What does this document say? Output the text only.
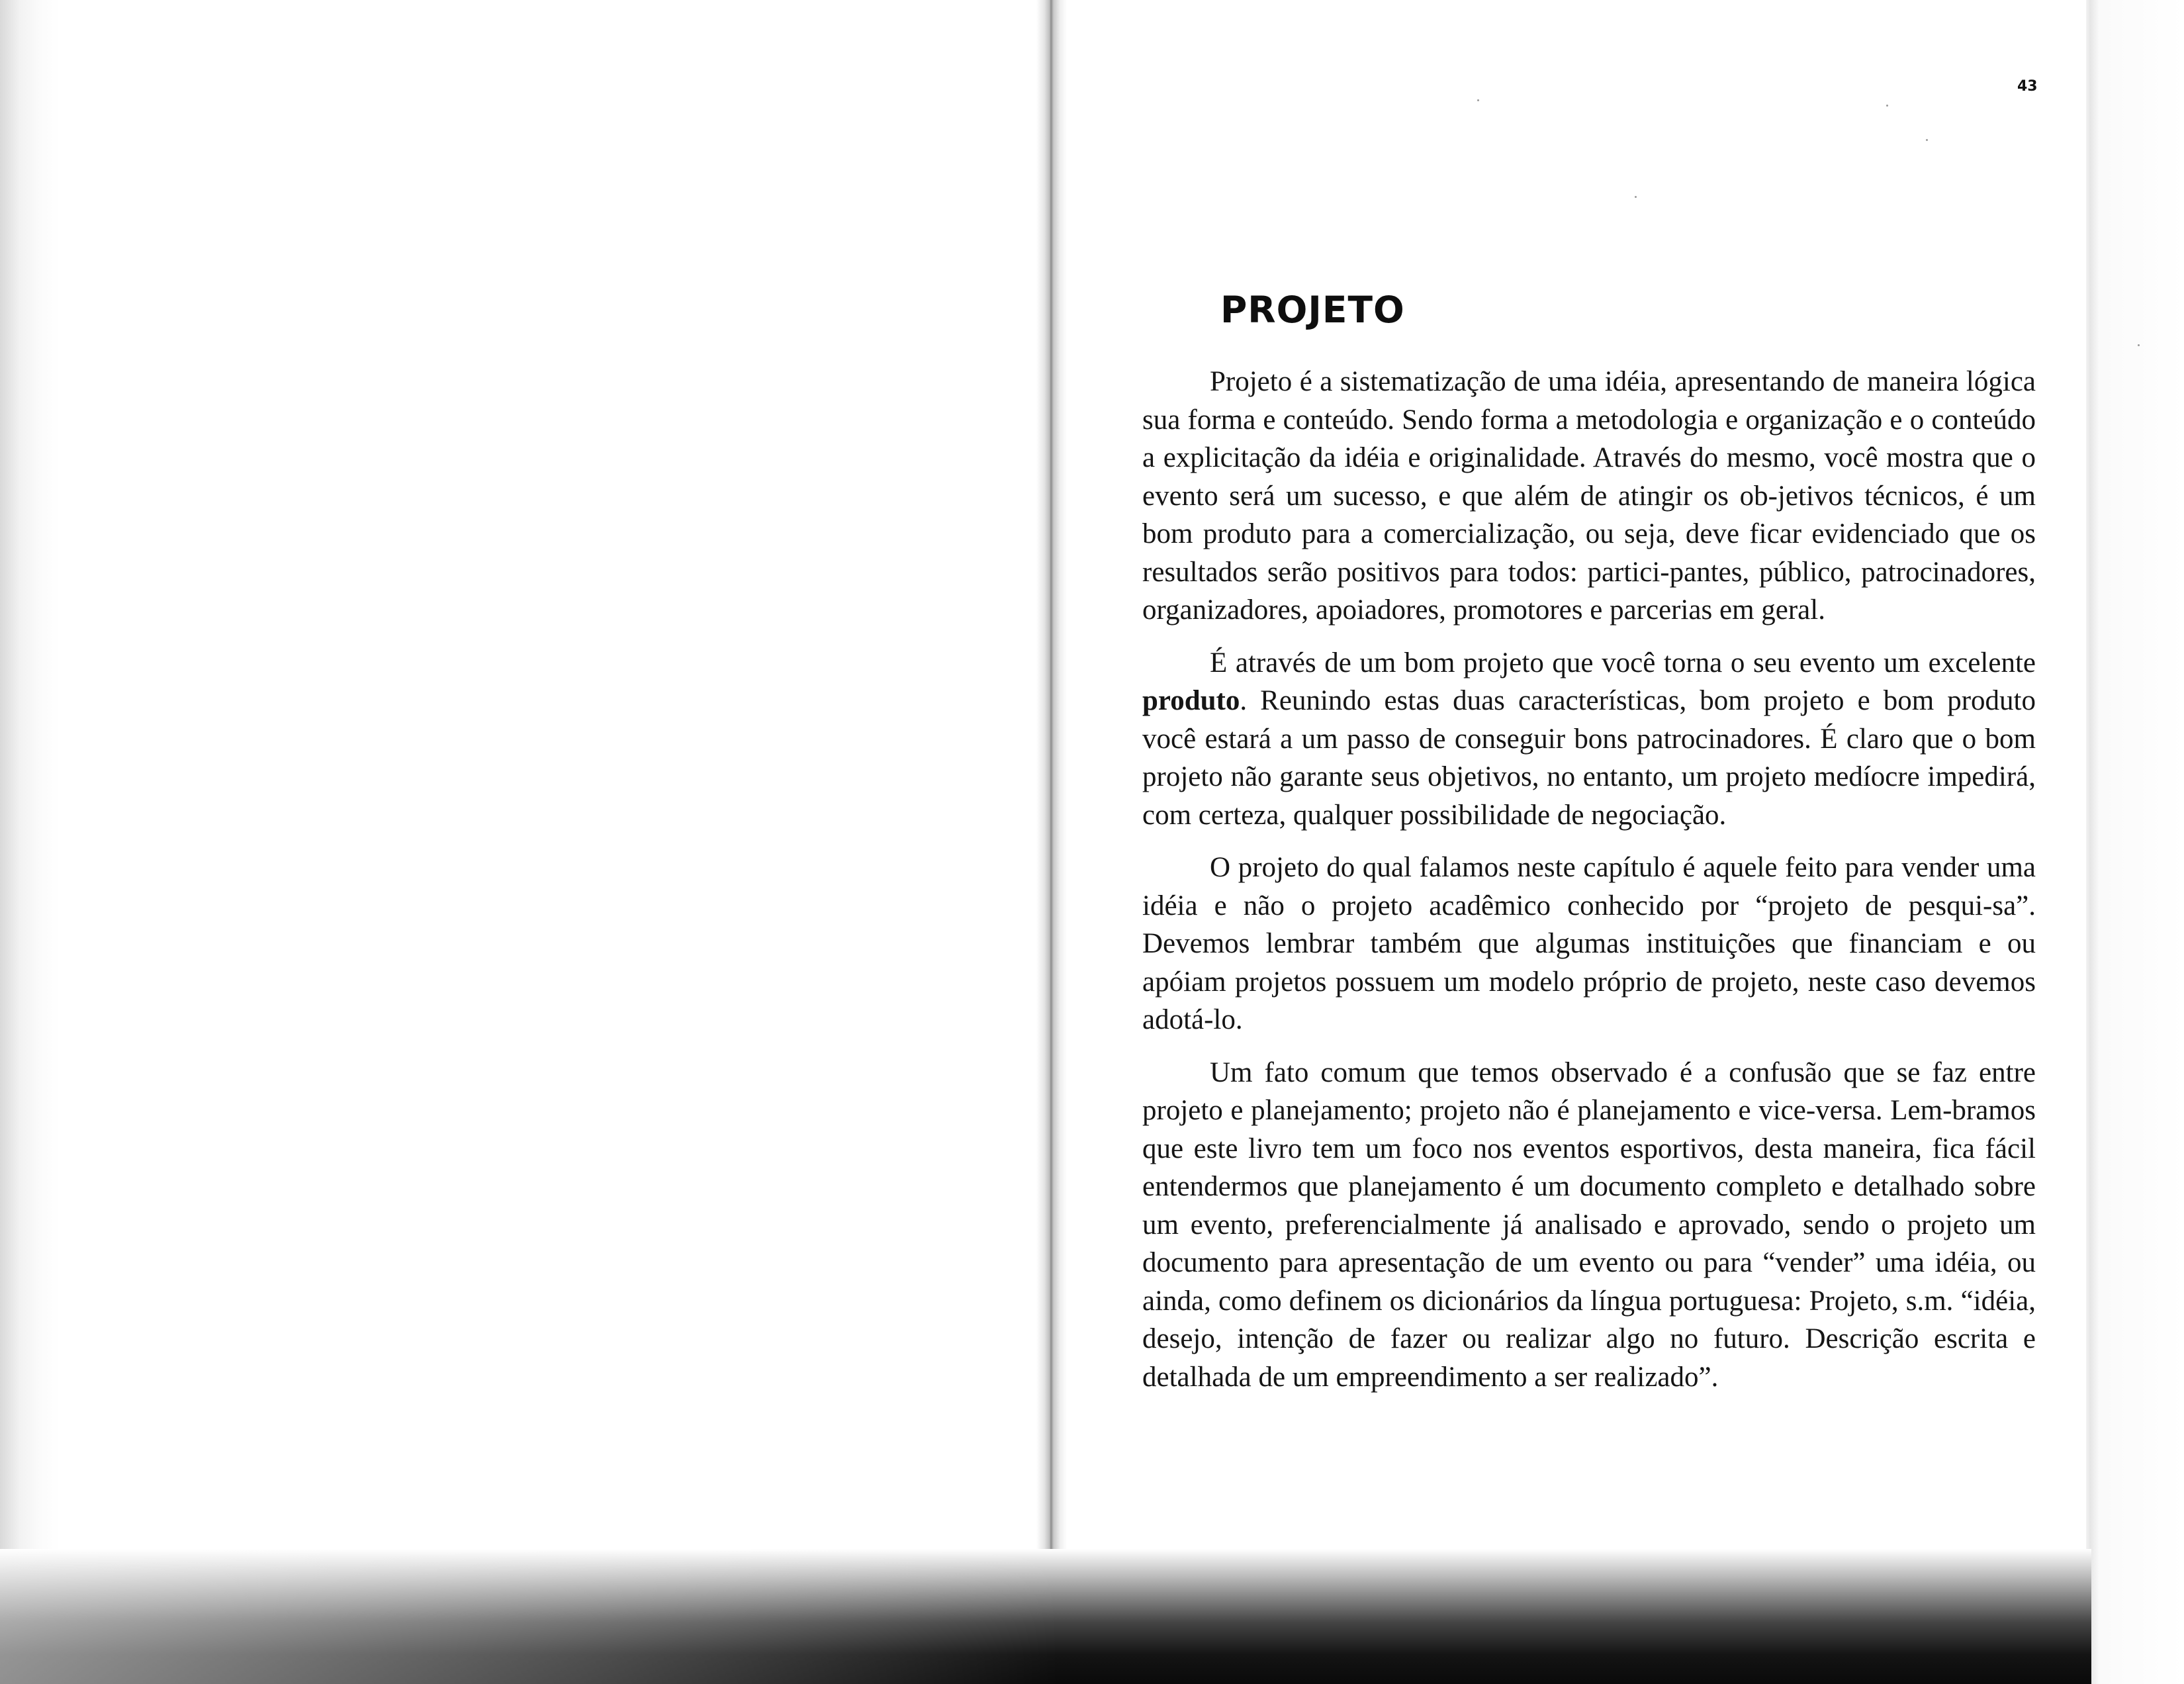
43
PROJETO

Projeto é a sistematização de uma idéia, apresentando de maneira lógica sua forma e conteúdo. Sendo forma a metodologia e organização e o conteúdo a explicitação da idéia e originalidade. Através do mesmo, você mostra que o evento será um sucesso, e que além de atingir os ob-jetivos técnicos, é um bom produto para a comercialização, ou seja, deve ficar evidenciado que os resultados serão positivos para todos: partici-pantes, público, patrocinadores, organizadores, apoiadores, promotores e parcerias em geral.

É através de um bom projeto que você torna o seu evento um excelente produto. Reunindo estas duas características, bom projeto e bom produto você estará a um passo de conseguir bons patrocinadores. É claro que o bom projeto não garante seus objetivos, no entanto, um projeto medíocre impedirá, com certeza, qualquer possibilidade de negociação.

O projeto do qual falamos neste capítulo é aquele feito para vender uma idéia e não o projeto acadêmico conhecido por “projeto de pesqui-sa”. Devemos lembrar também que algumas instituições que financiam e ou apóiam projetos possuem um modelo próprio de projeto, neste caso devemos adotá-lo.

Um fato comum que temos observado é a confusão que se faz entre projeto e planejamento; projeto não é planejamento e vice-versa. Lem-bramos que este livro tem um foco nos eventos esportivos, desta maneira, fica fácil entendermos que planejamento é um documento completo e detalhado sobre um evento, preferencialmente já analisado e aprovado, sendo o projeto um documento para apresentação de um evento ou para “vender” uma idéia, ou ainda, como definem os dicionários da língua portuguesa: Projeto, s.m. “idéia, desejo, intenção de fazer ou realizar algo no futuro. Descrição escrita e detalhada de um empreendimento a ser realizado”.
